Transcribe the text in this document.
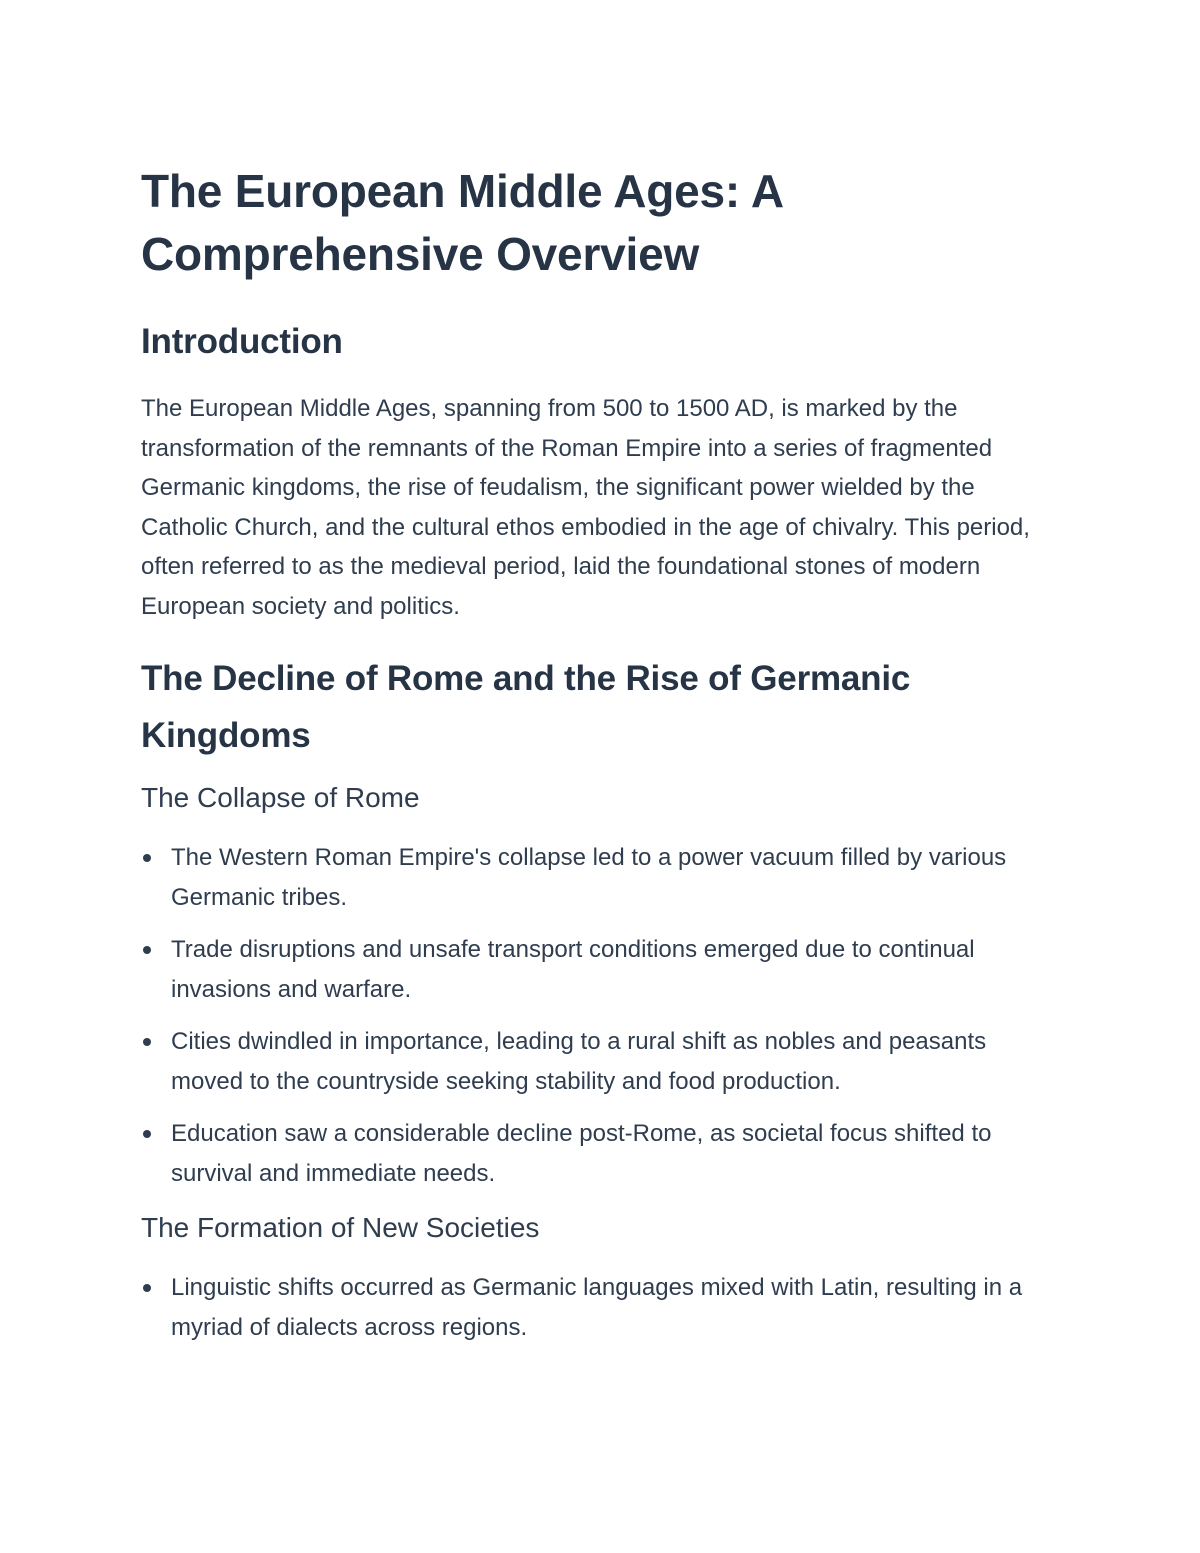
The European Middle Ages: A Comprehensive Overview
Introduction

The European Middle Ages, spanning from 500 to 1500 AD, is marked by the transformation of the remnants of the Roman Empire into a series of fragmented Germanic kingdoms, the rise of feudalism, the significant power wielded by the Catholic Church, and the cultural ethos embodied in the age of chivalry. This period, often referred to as the medieval period, laid the foundational stones of modern European society and politics.

The Decline of Rome and the Rise of Germanic Kingdoms
The Collapse of Rome
The Western Roman Empire's collapse led to a power vacuum filled by various Germanic tribes.
Trade disruptions and unsafe transport conditions emerged due to continual invasions and warfare.
Cities dwindled in importance, leading to a rural shift as nobles and peasants moved to the countryside seeking stability and food production.
Education saw a considerable decline post-Rome, as societal focus shifted to survival and immediate needs.
The Formation of New Societies
Linguistic shifts occurred as Germanic languages mixed with Latin, resulting in a myriad of dialects across regions.
